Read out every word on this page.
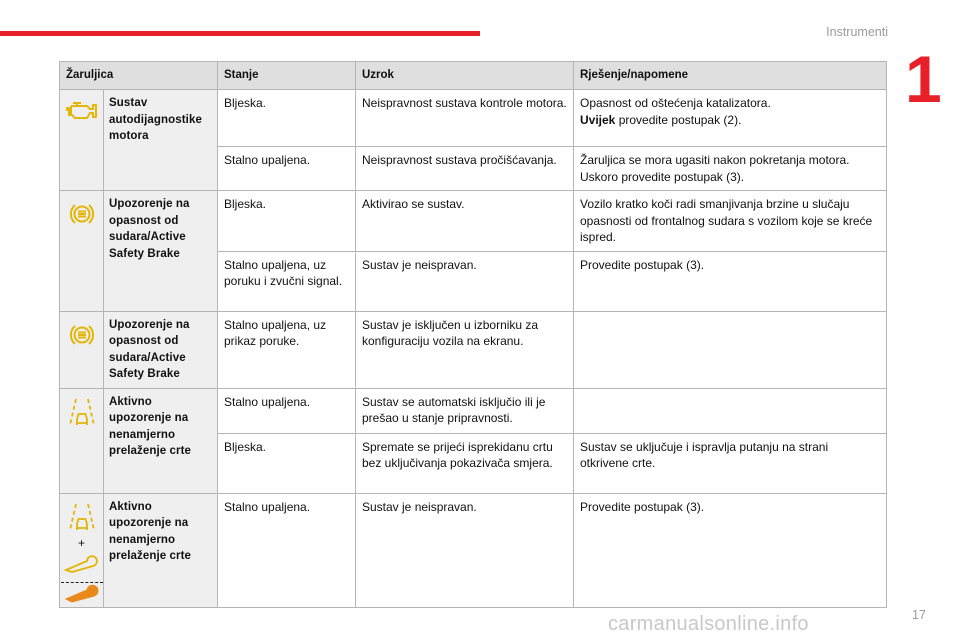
Instrumenti
1
Žaruljica		Stanje	Uzrok	Rješenje/napomene
	Sustav autodijagnostike motora	Bljeska.	Neispravnost sustava kontrole motora.	Opasnost od oštećenja katalizatora.
Uvijek provedite postupak (2).
		Stalno upaljena.	Neispravnost sustava pročišćavanja.	Žaruljica se mora ugasiti nakon pokretanja motora. Uskoro provedite postupak (3).
	Upozorenje na opasnost od sudara/Active Safety Brake	Bljeska.	Aktivirao se sustav.	Vozilo kratko koči radi smanjivanja brzine u slučaju opasnosti od frontalnog sudara s vozilom koje se kreće ispred.
		Stalno upaljena, uz poruku i zvučni signal.	Sustav je neispravan.	Provedite postupak (3).
	Upozorenje na opasnost od sudara/Active Safety Brake	Stalno upaljena, uz prikaz poruke.	Sustav je isključen u izborniku za konfiguraciju vozila na ekranu.	
	Aktivno upozorenje na nenamjerno prelaženje crte	Stalno upaljena.	Sustav se automatski isključio ili je prešao u stanje pripravnosti.	
		Bljeska.	Spremate se prijeći isprekidanu crtu bez uključivanja pokazivača smjera.	Sustav se uključuje i ispravlja putanju na strani otkrivene crte.

+	Aktivno upozorenje na nenamjerno prelaženje crte	Stalno upaljena.	Sustav je neispravan.	Provedite postupak (3).
carmanualsonline.info	17
